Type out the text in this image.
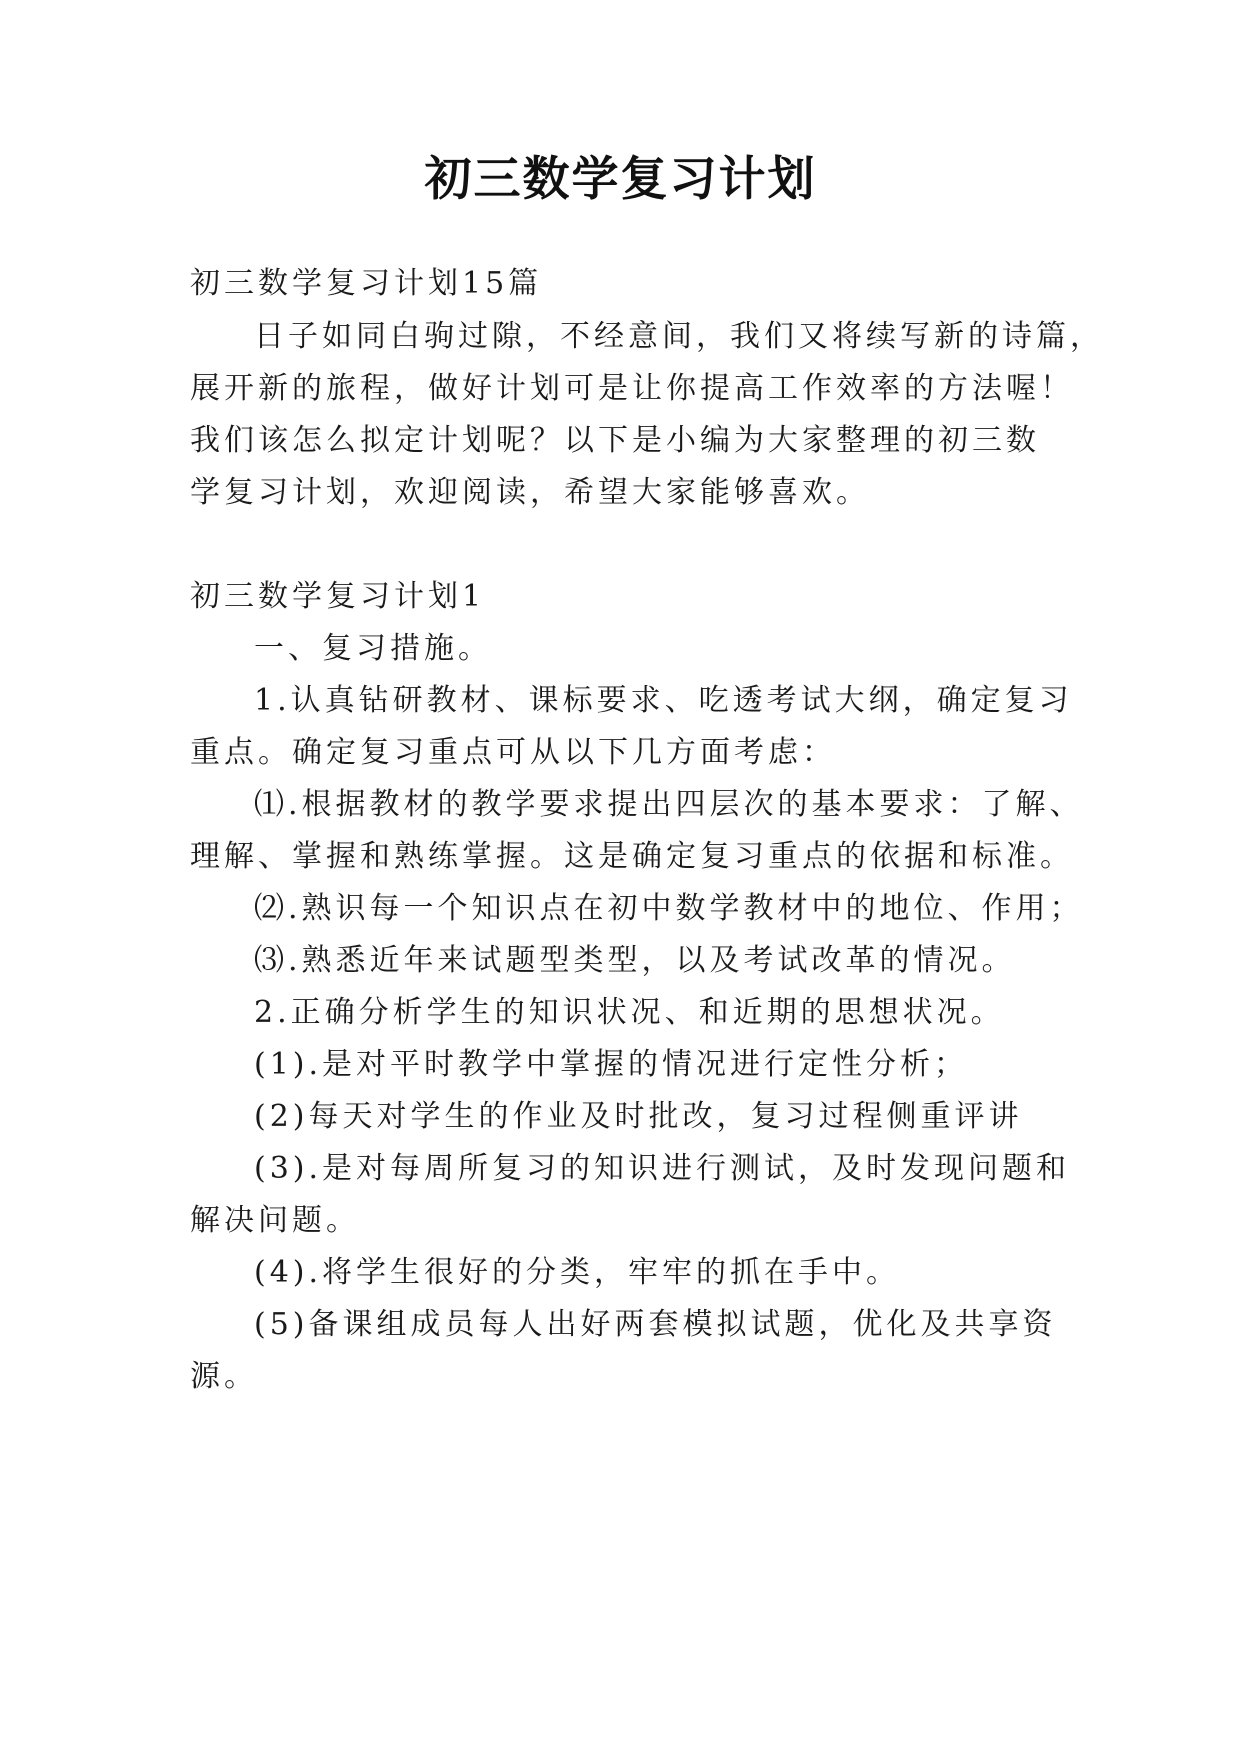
初三数学复习计划
初三数学复习计划15篇
日子如同白驹过隙，不经意间，我们又将续写新的诗篇，
展开新的旅程，做好计划可是让你提高工作效率的方法喔！
我们该怎么拟定计划呢？以下是小编为大家整理的初三数
学复习计划，欢迎阅读，希望大家能够喜欢。
初三数学复习计划1
一、复习措施。
1.认真钻研教材、课标要求、吃透考试大纲，确定复习
重点。确定复习重点可从以下几方面考虑：
⑴.根据教材的教学要求提出四层次的基本要求：了解、
理解、掌握和熟练掌握。这是确定复习重点的依据和标准。
⑵.熟识每一个知识点在初中数学教材中的地位、作用；
⑶.熟悉近年来试题型类型，以及考试改革的情况。
2.正确分析学生的知识状况、和近期的思想状况。
(1).是对平时教学中掌握的情况进行定性分析；
(2)每天对学生的作业及时批改，复习过程侧重评讲
(3).是对每周所复习的知识进行测试，及时发现问题和
解决问题。
(4).将学生很好的分类，牢牢的抓在手中。
(5)备课组成员每人出好两套模拟试题，优化及共享资
源。
